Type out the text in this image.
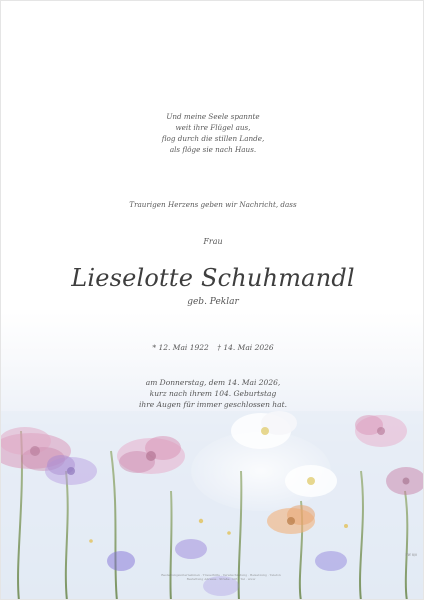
Und meine Seele spannte
weit ihre Flügel aus,
flog durch die stillen Lande,
als flöge sie nach Haus.
Traurigen Herzens geben wir Nachricht, dass
Frau
Lieselotte Schuhmandl
geb. Peklar
* 12. Mai 1922 † 14. Mai 2026
am Donnerstag, dem 14. Mai 2026,
kurz nach ihrem 104. Geburtstag
ihre Augen für immer geschlossen hat.
PW 8/0
Bestattungsunternehmen · Trauerhilfe · Verabschiedung · Beisetzung · Telefon
Bestattung Adresse · Straße · Ort · Tel · www
